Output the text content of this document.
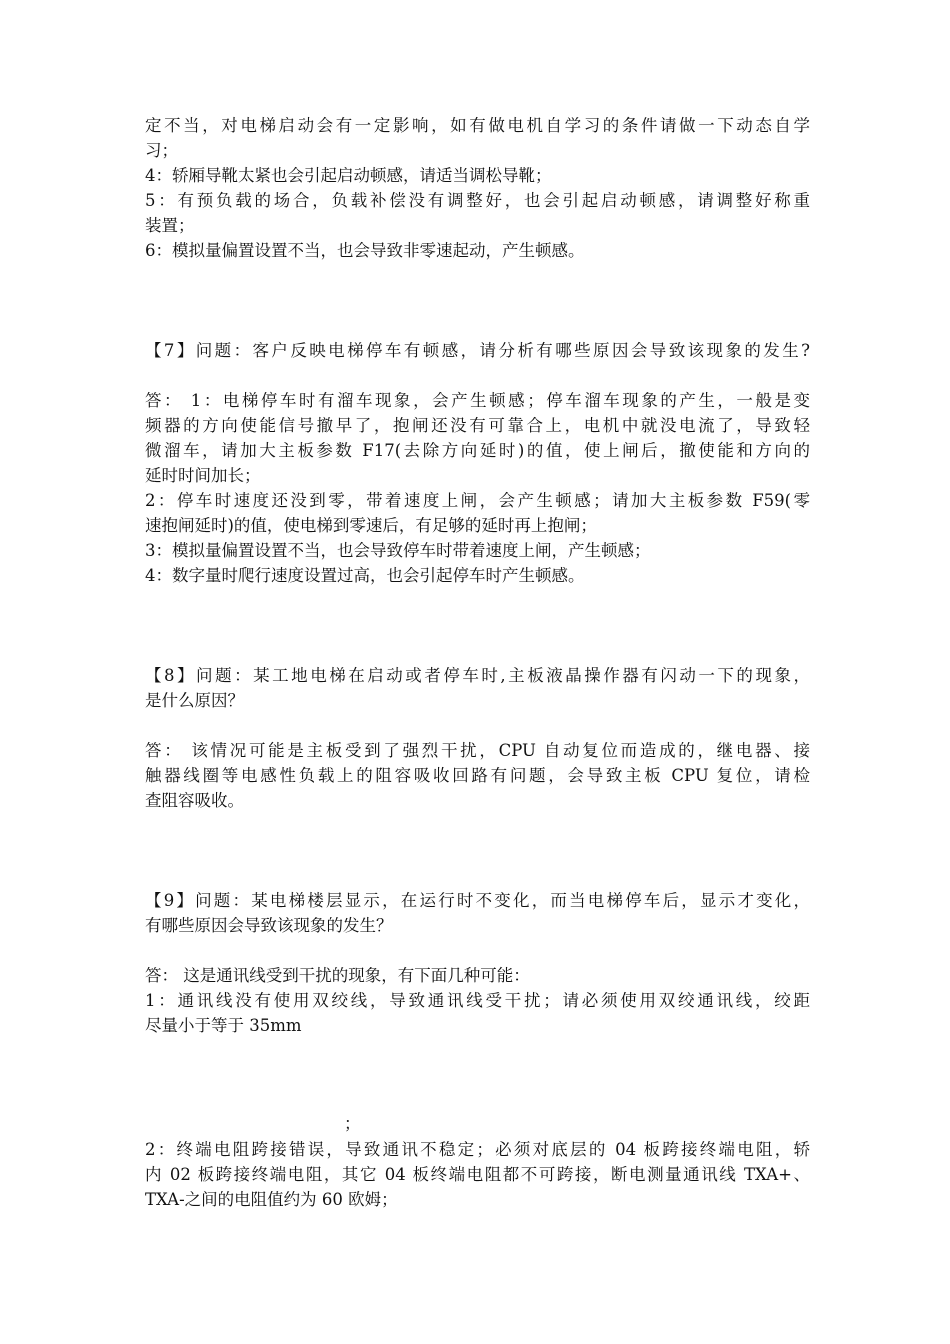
定不当，对电梯启动会有一定影响，如有做电机自学习的条件请做一下动态自学
习；
4：轿厢导靴太紧也会引起启动顿感，请适当调松导靴；
5：有预负载的场合，负载补偿没有调整好，也会引起启动顿感，请调整好称重
装置；
6：模拟量偏置设置不当，也会导致非零速起动，产生顿感。
【7】问题：客户反映电梯停车有顿感，请分析有哪些原因会导致该现象的发生?
答： 1：电梯停车时有溜车现象，会产生顿感；停车溜车现象的产生，一般是变
频器的方向使能信号撤早了，抱闸还没有可靠合上，电机中就没电流了，导致轻
微溜车，请加大主板参数 F17(去除方向延时)的值，使上闸后，撤使能和方向的
延时时间加长；
2：停车时速度还没到零，带着速度上闸，会产生顿感；请加大主板参数 F59(零
速抱闸延时)的值，使电梯到零速后，有足够的延时再上抱闸；
3：模拟量偏置设置不当，也会导致停车时带着速度上闸，产生顿感；
4：数字量时爬行速度设置过高，也会引起停车时产生顿感。
【8】问题：某工地电梯在启动或者停车时,主板液晶操作器有闪动一下的现象，
是什么原因？
答： 该情况可能是主板受到了强烈干扰，CPU 自动复位而造成的，继电器、接
触器线圈等电感性负载上的阻容吸收回路有问题，会导致主板 CPU 复位，请检
查阻容吸收。
【9】问题：某电梯楼层显示，在运行时不变化，而当电梯停车后，显示才变化，
有哪些原因会导致该现象的发生？
答： 这是通讯线受到干扰的现象，有下面几种可能：
1：通讯线没有使用双绞线，导致通讯线受干扰；请必须使用双绞通讯线，绞距
尽量小于等于 35mm
；
2：终端电阻跨接错误，导致通讯不稳定；必须对底层的 04 板跨接终端电阻，轿
内 02 板跨接终端电阻，其它 04 板终端电阻都不可跨接，断电测量通讯线 TXA+、
TXA-之间的电阻值约为 60 欧姆；
